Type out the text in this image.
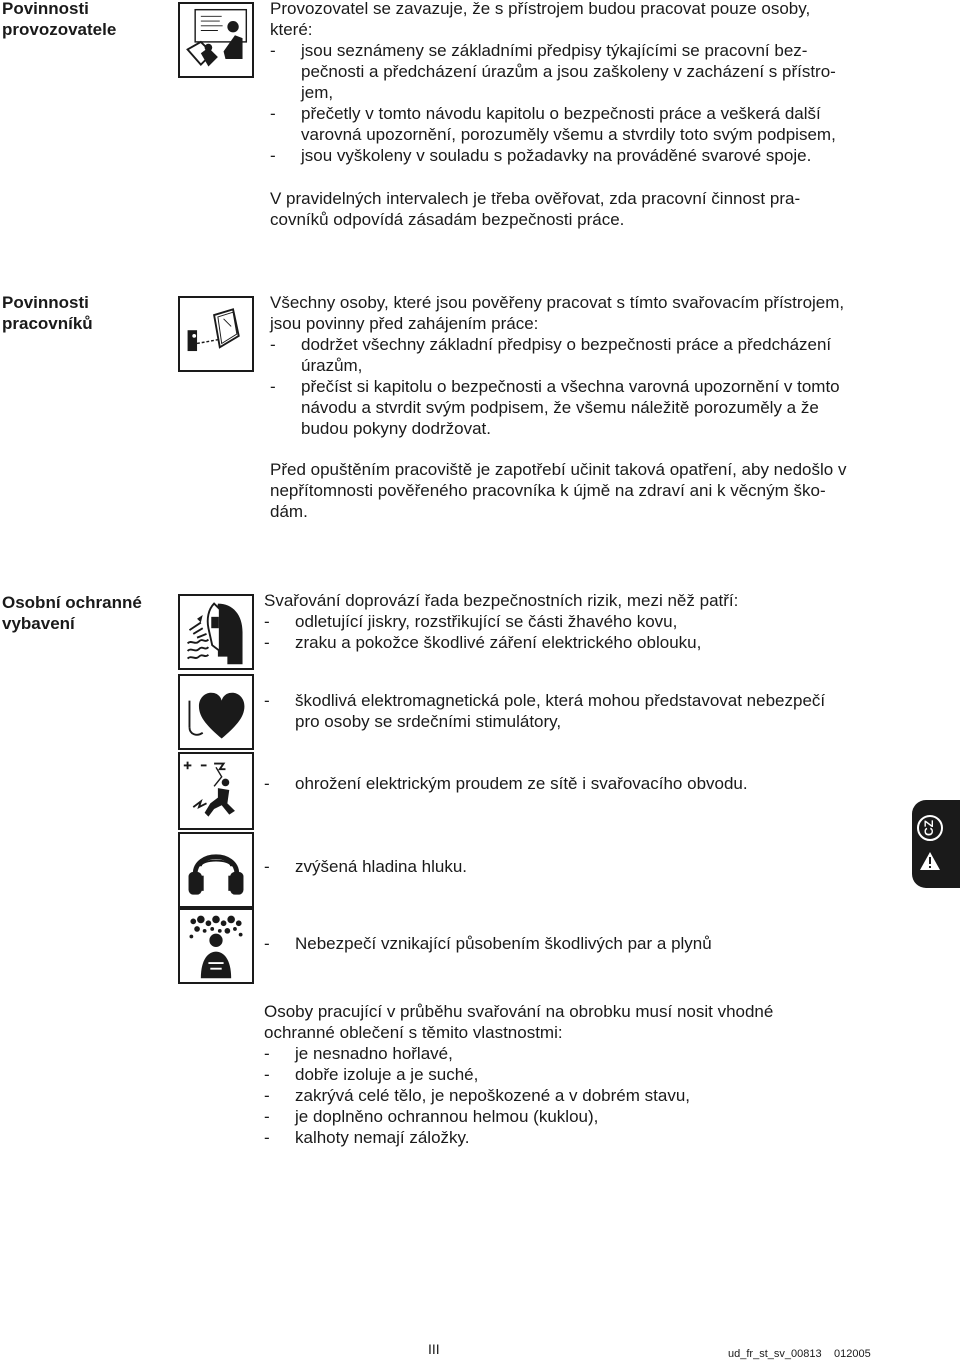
Povinnosti
provozovatele
Provozovatel se zavazuje, že s přístrojem budou pracovat pouze osoby,
které:
-	jsou seznámeny se základními předpisy týkajícími se pracovní bez-
pečnosti a předcházení úrazům a jsou zaškoleny v zacházení s přístro-
jem,
-	přečetly v tomto návodu kapitolu o bezpečnosti práce a veškerá další
varovná upozornění, porozuměly všemu a stvrdily toto svým podpisem,
-	jsou vyškoleny v souladu s požadavky na prováděné svarové spoje.
V pravidelných intervalech je třeba ověřovat, zda pracovní činnost pra-
covníků odpovídá zásadám bezpečnosti práce.
Povinnosti
pracovníků
Všechny osoby, které jsou pověřeny pracovat s tímto svařovacím přístrojem,
jsou povinny před zahájením práce:
-	dodržet všechny základní předpisy o bezpečnosti práce a předcházení
úrazům,
-	přečíst si kapitolu o bezpečnosti a všechna varovná upozornění v tomto
návodu a stvrdit svým podpisem, že všemu náležitě porozuměly a že
budou pokyny dodržovat.
Před opuštěním pracoviště je zapotřebí učinit taková opatření, aby nedošlo v
nepřítomnosti pověřeného pracovníka k újmě na zdraví ani k věcným ško-
dám.
Osobní ochranné
vybavení
Svařování doprovází řada bezpečnostních rizik, mezi něž patří:
-	odletující jiskry, rozstřikující se části žhavého kovu,
-	zraku a pokožce škodlivé záření elektrického oblouku,
-	škodlivá elektromagnetická pole, která mohou představovat nebezpečí
pro osoby se srdečními stimulátory,
-	ohrožení elektrickým proudem ze sítě i svařovacího obvodu.
-	zvýšená hladina hluku.
-	Nebezpečí vznikající působením škodlivých par a plynů
Osoby pracující v průběhu svařování na obrobku musí nosit vhodné
ochranné oblečení s těmito vlastnostmi:
-	je nesnadno hořlavé,
-	dobře izoluje a je suché,
-	zakrývá celé tělo, je nepoškozené a v dobrém stavu,
-	je doplněno ochrannou helmou (kuklou),
-	kalhoty nemají záložky.
CZ
III	ud_fr_st_sv_00813 012005
